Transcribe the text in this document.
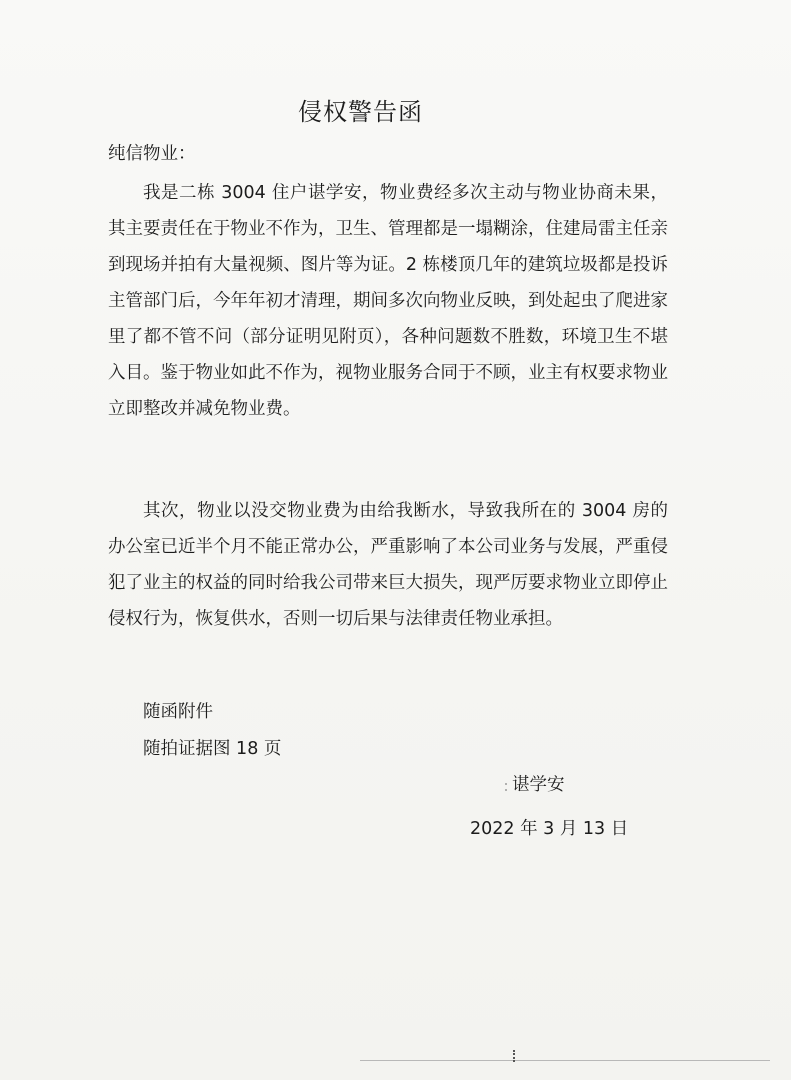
侵权警告函
纯信物业：
我是二栋 3004 住户谌学安，物业费经多次主动与物业协商未果，其主要责任在于物业不作为，卫生、管理都是一塌糊涂，住建局雷主任亲到现场并拍有大量视频、图片等为证。2 栋楼顶几年的建筑垃圾都是投诉主管部门后，今年年初才清理，期间多次向物业反映，到处起虫了爬进家里了都不管不问（部分证明见附页），各种问题数不胜数，环境卫生不堪入目。鉴于物业如此不作为，视物业服务合同于不顾，业主有权要求物业立即整改并减免物业费。
其次，物业以没交物业费为由给我断水，导致我所在的 3004 房的办公室已近半个月不能正常办公，严重影响了本公司业务与发展，严重侵犯了业主的权益的同时给我公司带来巨大损失，现严厉要求物业立即停止侵权行为，恢复供水，否则一切后果与法律责任物业承担。
随函附件
随拍证据图 18 页
谌学安
2022 年 3 月 13 日
